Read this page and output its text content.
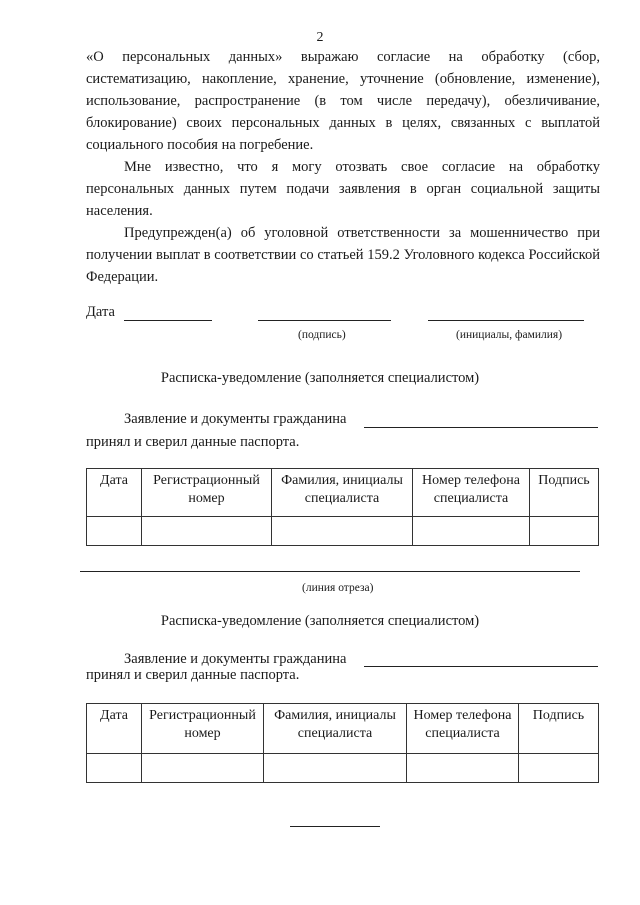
2

«О персональных данных» выражаю согласие на обработку (сбор, систематизацию, накопление, хранение, уточнение (обновление, изменение), использование, распространение (в том числе передачу), обезличивание, блокирование) своих персональных данных в целях, связанных с выплатой социального пособия на погребение.

Мне известно, что я могу отозвать свое согласие на обработку персональных данных путем подачи заявления в орган социальной защиты населения.

Предупрежден(а) об уголовной ответственности за мошенничество при получении выплат в соответствии со статьей 159.2 Уголовного кодекса Российской Федерации.

Дата
(подпись)	(инициалы, фамилия)
Расписка-уведомление (заполняется специалистом)
Заявление и документы гражданина
принял и сверил данные паспорта.
Дата	Регистрационный номер	Фамилия, инициалы специалиста	Номер телефона специалиста	Подпись

(линия отреза)
Расписка-уведомление (заполняется специалистом)
Заявление и документы гражданина
принял и сверил данные паспорта.
Дата	Регистрационный номер	Фамилия, инициалы специалиста	Номер телефона специалиста	Подпись
